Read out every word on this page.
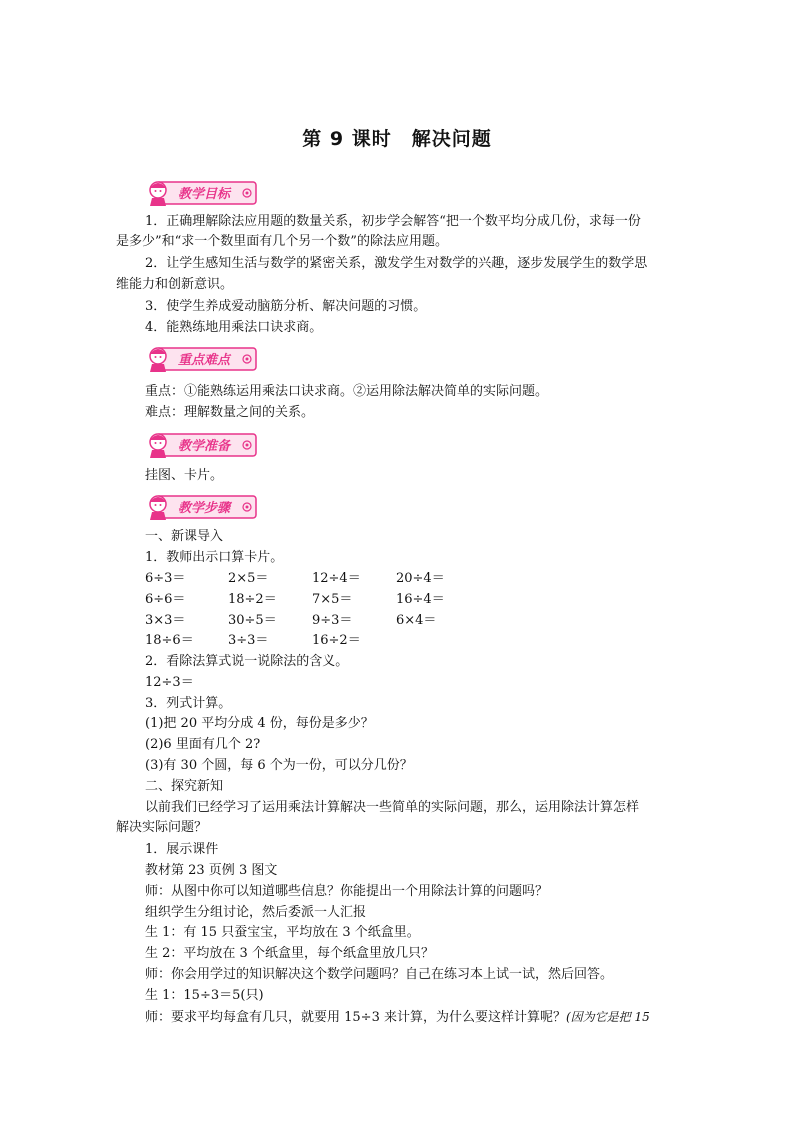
第 9 课时　解决问题
教学目标
1．正确理解除法应用题的数量关系，初步学会解答“把一个数平均分成几份，求每一份
是多少”和“求一个数里面有几个另一个数”的除法应用题。
2．让学生感知生活与数学的紧密关系，激发学生对数学的兴趣，逐步发展学生的数学思
维能力和创新意识。
3．使学生养成爱动脑筋分析、解决问题的习惯。
4．能熟练地用乘法口诀求商。
重点难点
重点：①能熟练运用乘法口诀求商。②运用除法解决简单的实际问题。
难点：理解数量之间的关系。
教学准备
挂图、卡片。
教学步骤
一、新课导入
1．教师出示口算卡片。
6÷3＝	2×5＝	12÷4＝	20÷4＝
6÷6＝	18÷2＝	7×5＝	16÷4＝
3×3＝	30÷5＝	9÷3＝	6×4＝
18÷6＝	3÷3＝	16÷2＝
2．看除法算式说一说除法的含义。
12÷3＝
3．列式计算。
(1)把 20 平均分成 4 份，每份是多少？
(2)6 里面有几个 2?
(3)有 30 个圆，每 6 个为一份，可以分几份？
二、探究新知
以前我们已经学习了运用乘法计算解决一些简单的实际问题，那么，运用除法计算怎样
解决实际问题？
1．展示课件
教材第 23 页例 3 图文
师：从图中你可以知道哪些信息？你能提出一个用除法计算的问题吗？
组织学生分组讨论，然后委派一人汇报
生 1：有 15 只蚕宝宝，平均放在 3 个纸盒里。
生 2：平均放在 3 个纸盒里，每个纸盒里放几只？
师：你会用学过的知识解决这个数学问题吗？自己在练习本上试一试，然后回答。
生 1：15÷3＝5(只)
师：要求平均每盒有几只，就要用 15÷3 来计算，为什么要这样计算呢？(因为它是把 15
